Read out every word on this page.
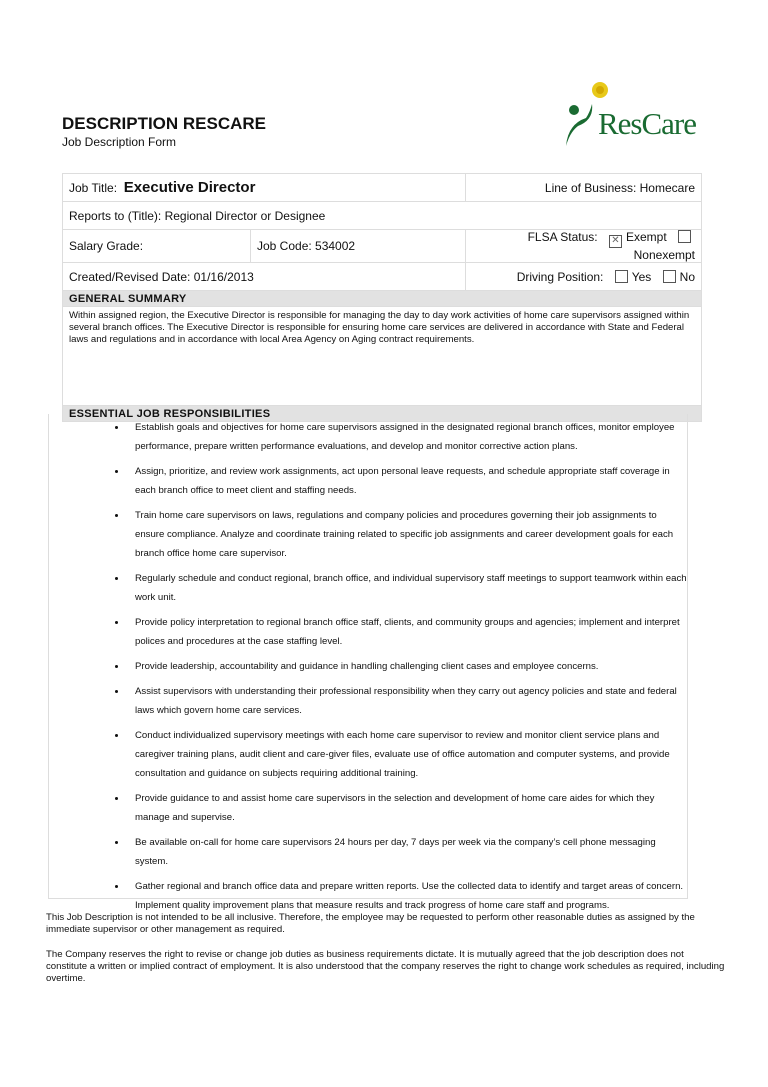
DESCRIPTION RESCARE
Job Description Form
ResCare
Job Title: Executive Director		Line of Business: Homecare
Reports to (Title): Regional Director or Designee		
Salary Grade:	Job Code: 534002	FLSA Status: ✕ Exempt Nonexempt
Created/Revised Date: 01/16/2013		Driving Position: Yes No
GENERAL SUMMARY		
Within assigned region, the Executive Director is responsible for managing the day to day work activities of home care supervisors assigned within several branch offices. The Executive Director is responsible for ensuring home care services are delivered in accordance with State and Federal laws and regulations and in accordance with local Area Agency on Aging contract requirements.		
ESSENTIAL JOB RESPONSIBILITIES		
• Establish goals and objectives for home care supervisors assigned in the designated regional branch offices, monitor employee performance, prepare written performance evaluations, and develop and monitor corrective action plans.
• Assign, prioritize, and review work assignments, act upon personal leave requests, and schedule appropriate staff coverage in each branch office to meet client and staffing needs.
• Train home care supervisors on laws, regulations and company policies and procedures governing their job assignments to ensure compliance. Analyze and coordinate training related to specific job assignments and career development goals for each branch office home care supervisor.
• Regularly schedule and conduct regional, branch office, and individual supervisory staff meetings to support teamwork within each work unit.
• Provide policy interpretation to regional branch office staff, clients, and community groups and agencies; implement and interpret polices and procedures at the case staffing level.
• Provide leadership, accountability and guidance in handling challenging client cases and employee concerns.
• Assist supervisors with understanding their professional responsibility when they carry out agency policies and state and federal laws which govern home care services.
• Conduct individualized supervisory meetings with each home care supervisor to review and monitor client service plans and caregiver training plans, audit client and care-giver files, evaluate use of office automation and computer systems, and provide consultation and guidance on subjects requiring additional training.
• Provide guidance to and assist home care supervisors in the selection and development of home care aides for which they manage and supervise.
• Be available on-call for home care supervisors 24 hours per day, 7 days per week via the company’s cell phone messaging system.
• Gather regional and branch office data and prepare written reports. Use the collected data to identify and target areas of concern. Implement quality improvement plans that measure results and track progress of home care staff and programs.
This Job Description is not intended to be all inclusive. Therefore, the employee may be requested to perform other reasonable duties as assigned by the immediate supervisor or other management as required.
The Company reserves the right to revise or change job duties as business requirements dictate. It is mutually agreed that the job description does not constitute a written or implied contract of employment. It is also understood that the company reserves the right to change work schedules as required, including overtime.
